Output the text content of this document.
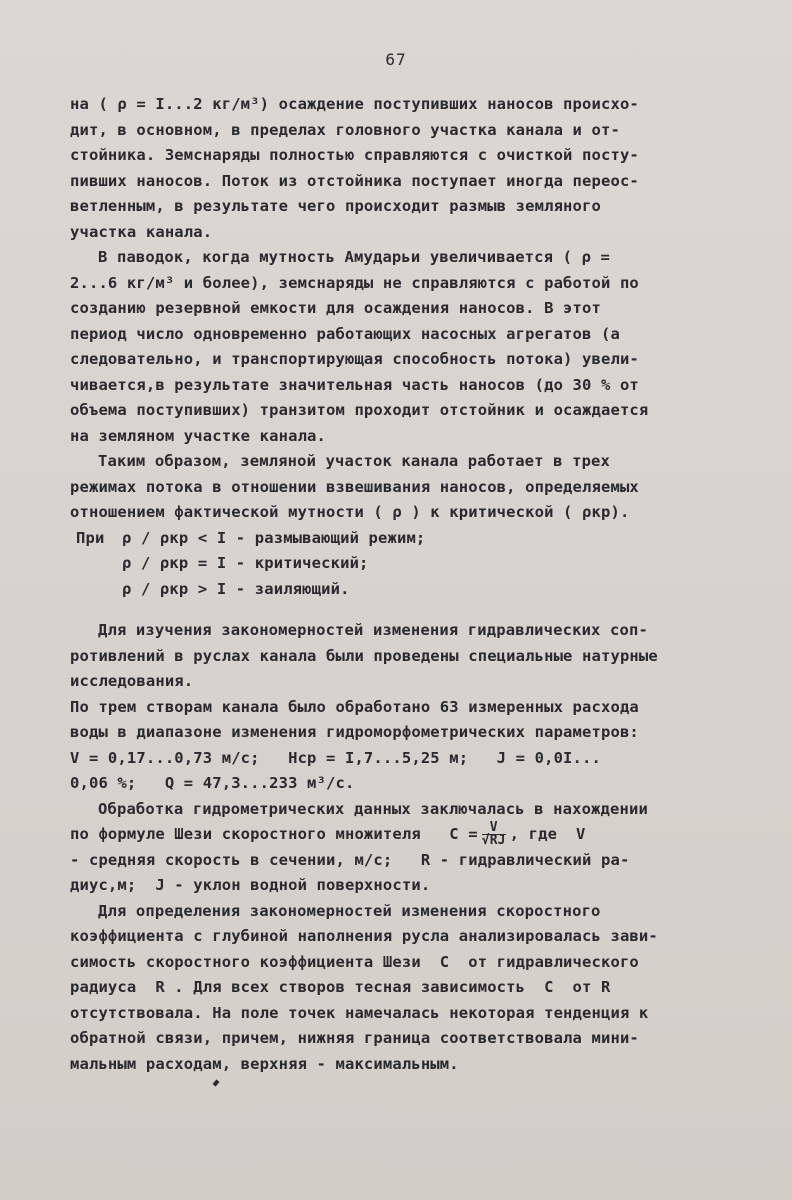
67
на ( ρ = I...2 кг/м³) осаждение поступивших наносов происхо-
дит, в основном, в пределах головного участка канала и от-
стойника. Земснаряды полностью справляются с очисткой посту-
пивших наносов. Поток из отстойника поступает иногда переос-
ветленным, в результате чего происходит размыв земляного
участка канала.
В паводок, когда мутность Амударьи увеличивается ( ρ =
2...6 кг/м³ и более), земснаряды не справляются с работой по
созданию резервной емкости для осаждения наносов. В этот
период число одновременно работающих насосных агрегатов (а
следовательно, и транспортирующая способность потока) увели-
чивается,в результате значительная часть наносов (до 30 % от
объема поступивших) транзитом проходит отстойник и осаждается
на земляном участке канала.
Таким образом, земляной участок канала работает в трех
режимах потока в отношении взвешивания наносов, определяемых
отношением фактической мутности ( ρ ) к критической ( ρкр).
При	ρ / ρкр < I - размывающий режим;
ρ / ρкр = I - критический;
ρ / ρкр > I - заиляющий.
Для изучения закономерностей изменения гидравлических соп-
ротивлений в руслах канала были проведены специальные натурные
исследования.
По трем створам канала было обработано 63 измеренных расхода
воды в диапазоне изменения гидроморфометрических параметров:
V = 0,17...0,73 м/с;   Hср = I,7...5,25 м;   J = 0,0I...
0,06 %;   Q = 47,3...233 м³/с.
Обработка гидрометрических данных заключалась в нахождении
по формуле Шези скоростного множителя   $C = \frac{V}{√RJ}$ , где  V
- средняя скорость в сечении, м/с;   R - гидравлический ра-
диус,м;  J - уклон водной поверхности.
Для определения закономерностей изменения скоростного
коэффициента с глубиной наполнения русла анализировалась зави-
симость скоростного коэффициента Шези  C  от гидравлического
радиуса  R . Для всех створов тесная зависимость  C  от R
отсутствовала. На поле точек намечалась некоторая тенденция к
обратной связи, причем, нижняя граница соответствовала мини-
мальным расходам, верхняя - максимальным.
